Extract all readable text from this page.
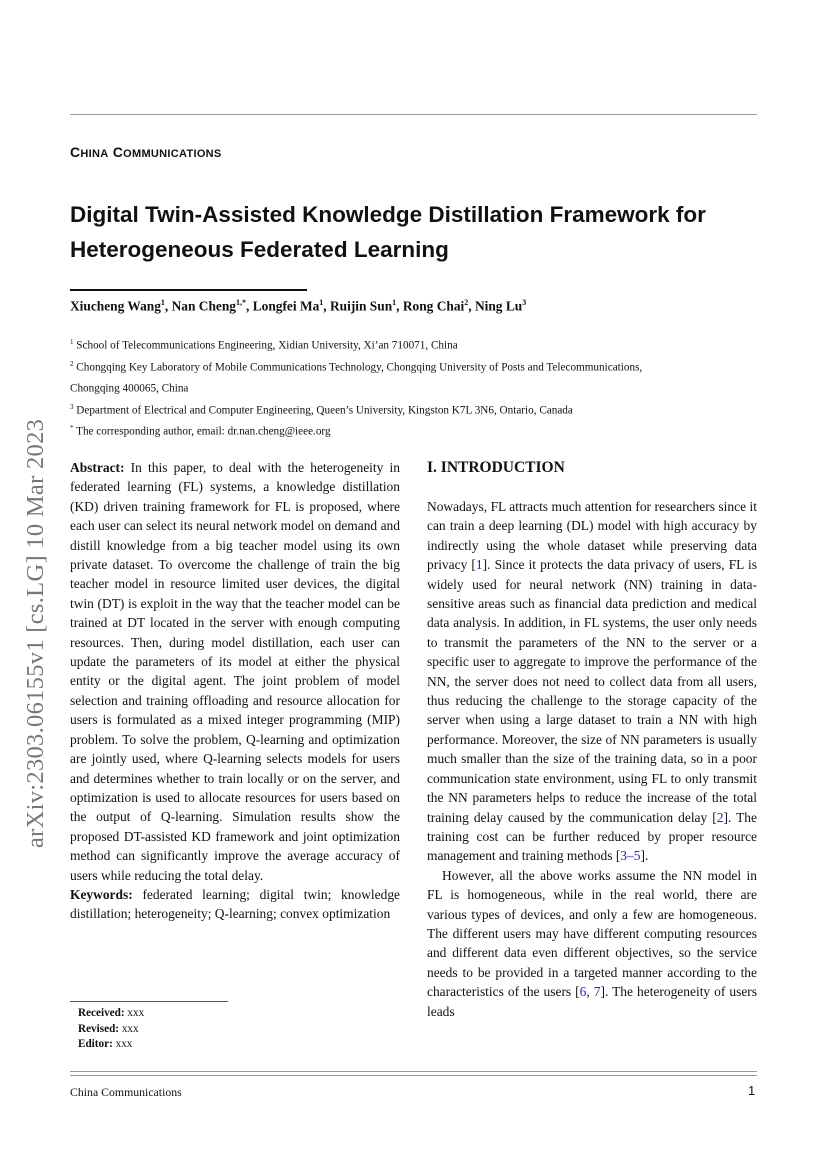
CHINA COMMUNICATIONS
Digital Twin-Assisted Knowledge Distillation Framework for
Heterogeneous Federated Learning
Xiucheng Wang$^1$, Nan Cheng$^{1,*}$, Longfei Ma$^1$, Ruijin Sun$^1$, Rong Chai$^2$, Ning Lu$^3$
$^1$ School of Telecommunications Engineering, Xidian University, Xi’an 710071, China
$^2$ Chongqing Key Laboratory of Mobile Communications Technology, Chongqing University of Posts and Telecommunications,
Chongqing 400065, China
$^3$ Department of Electrical and Computer Engineering, Queen’s University, Kingston K7L 3N6, Ontario, Canada
* The corresponding author, email: dr.nan.cheng@ieee.org
arXiv:2303.06155v1 [cs.LG] 10 Mar 2023 Abstract: In this paper, to deal with the heterogeneity in federated learning (FL) systems, a knowledge distillation (KD) driven training framework for FL is proposed, where each user can select its neural network model on demand and distill knowledge from a big teacher model using its own private dataset. To overcome the challenge of train the big teacher model in resource limited user devices, the digital twin (DT) is exploit in the way that the teacher model can be trained at DT located in the server with enough computing resources. Then, during model distillation, each user can update the parameters of its model at either the physical entity or the digital agent. The joint problem of model selection and training offloading and resource allocation for users is formulated as a mixed integer programming (MIP) problem. To solve the problem, Q-learning and optimization are jointly used, where Q-learning selects models for users and determines whether to train locally or on the server, and optimization is used to allocate resources for users based on the output of Q-learning. Simulation results show the proposed DT-assisted KD framework and joint optimization method can significantly improve the average accuracy of users while reducing the total delay.

Keywords: federated learning; digital twin; knowledge distillation; heterogeneity; Q-learning; convex optimization

Received: xxx
Revised: xxx
Editor: xxx

I. INTRODUCTION

Nowadays, FL attracts much attention for researchers since it can train a deep learning (DL) model with high accuracy by indirectly using the whole dataset while preserving data privacy [1]. Since it protects the data privacy of users, FL is widely used for neural network (NN) training in data-sensitive areas such as financial data prediction and medical data analysis. In addition, in FL systems, the user only needs to transmit the parameters of the NN to the server or a specific user to aggregate to improve the performance of the NN, the server does not need to collect data from all users, thus reducing the challenge to the storage capacity of the server when using a large dataset to train a NN with high performance. Moreover, the size of NN parameters is usually much smaller than the size of the training data, so in a poor communication state environment, using FL to only transmit the NN parameters helps to reduce the increase of the total training delay caused by the communication delay [2]. The training cost can be further reduced by proper resource management and training methods [3–5].

However, all the above works assume the NN model in FL is homogeneous, while in the real world, there are various types of devices, and only a few are homogeneous. The different users may have different computing resources and different data even different objectives, so the service needs to be provided in a targeted manner according to the characteristics of the users [6, 7]. The heterogeneity of users leads

China Communications	1
